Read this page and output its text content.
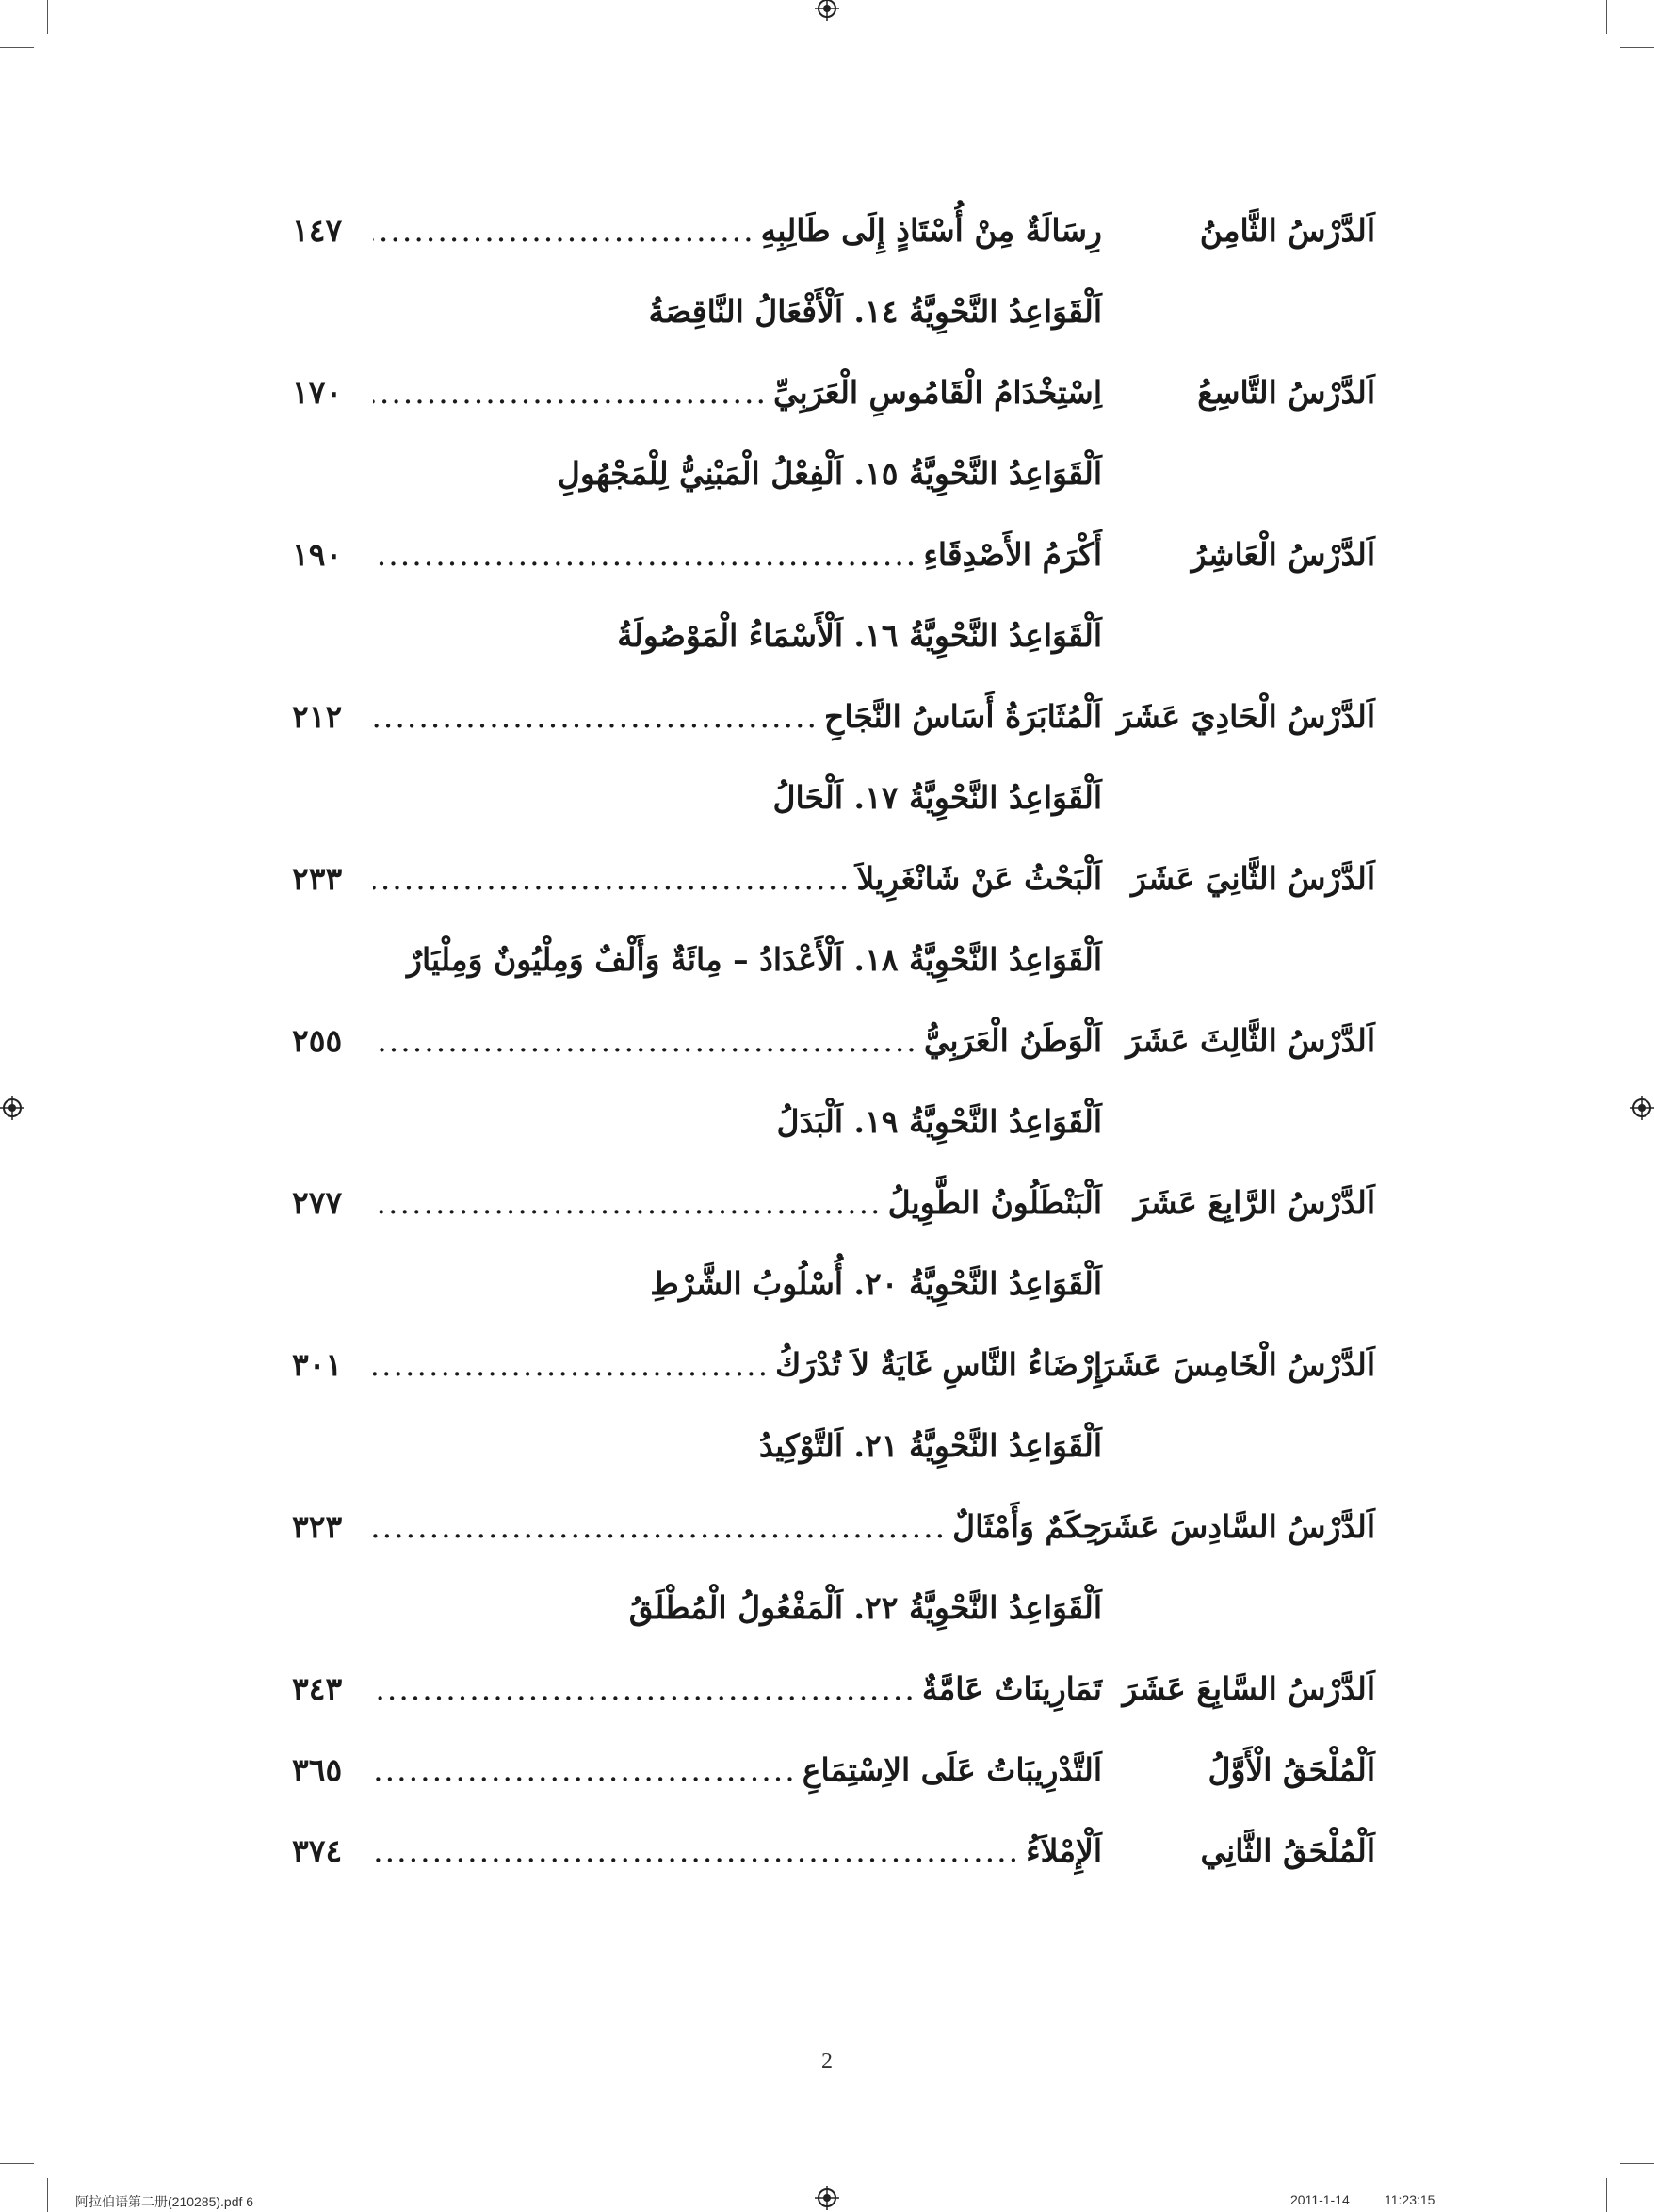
اَلدَّرْسُ الثَّامِنُ
رِسَالَةٌ مِنْ أُسْتَاذٍ إِلَى طَالِبِهِ
.....
١٤٧
اَلْقَوَاعِدُ النَّحْوِيَّةُ ١٤. اَلْأَفْعَالُ النَّاقِصَةُ
اَلدَّرْسُ التَّاسِعُ
اِسْتِخْدَامُ الْقَامُوسِ الْعَرَبِيِّ
.....
١٧٠
اَلْقَوَاعِدُ النَّحْوِيَّةُ ١٥. اَلْفِعْلُ الْمَبْنِيُّ لِلْمَجْهُولِ
اَلدَّرْسُ الْعَاشِرُ
أَكْرَمُ الأَصْدِقَاءِ
.....
١٩٠
اَلْقَوَاعِدُ النَّحْوِيَّةُ ١٦. اَلْأَسْمَاءُ الْمَوْصُولَةُ
اَلدَّرْسُ الْحَادِيَ عَشَرَ
اَلْمُثَابَرَةُ أَسَاسُ النَّجَاحِ
.....
٢١٢
اَلْقَوَاعِدُ النَّحْوِيَّةُ ١٧. اَلْحَالُ
اَلدَّرْسُ الثَّانِيَ عَشَرَ
اَلْبَحْثُ عَنْ شَانْغَرِيلاَ
.....
٢٣٣
اَلْقَوَاعِدُ النَّحْوِيَّةُ ١٨. اَلْأَعْدَادُ – مِائَةٌ وَأَلْفٌ وَمِلْيُونٌ وَمِلْيَارٌ
اَلدَّرْسُ الثَّالِثَ عَشَرَ
اَلْوَطَنُ الْعَرَبِيُّ
.....
٢٥٥
اَلْقَوَاعِدُ النَّحْوِيَّةُ ١٩. اَلْبَدَلُ
اَلدَّرْسُ الرَّابِعَ عَشَرَ
اَلْبَنْطَلُونُ الطَّوِيلُ
.....
٢٧٧
اَلْقَوَاعِدُ النَّحْوِيَّةُ ٢٠. أُسْلُوبُ الشَّرْطِ
اَلدَّرْسُ الْخَامِسَ عَشَرَ
إِرْضَاءُ النَّاسِ غَايَةٌ لاَ تُدْرَكُ
.....
٣٠١
اَلْقَوَاعِدُ النَّحْوِيَّةُ ٢١. اَلتَّوْكِيدُ
اَلدَّرْسُ السَّادِسَ عَشَرَ
حِكَمٌ وَأَمْثَالٌ
.....
٣٢٣
اَلْقَوَاعِدُ النَّحْوِيَّةُ ٢٢. اَلْمَفْعُولُ الْمُطْلَقُ
اَلدَّرْسُ السَّابِعَ عَشَرَ
تَمَارِينَاتٌ عَامَّةٌ
.....
٣٤٣
اَلْمُلْحَقُ الْأَوَّلُ
اَلتَّدْرِيبَاتُ عَلَى الاِسْتِمَاعِ
.....
٣٦٥
اَلْمُلْحَقُ الثَّانِي
اَلْإِمْلاَءُ
.....
٣٧٤
2
阿拉伯语第二册(210285).pdf 6	2011-1-14	11:23:15
